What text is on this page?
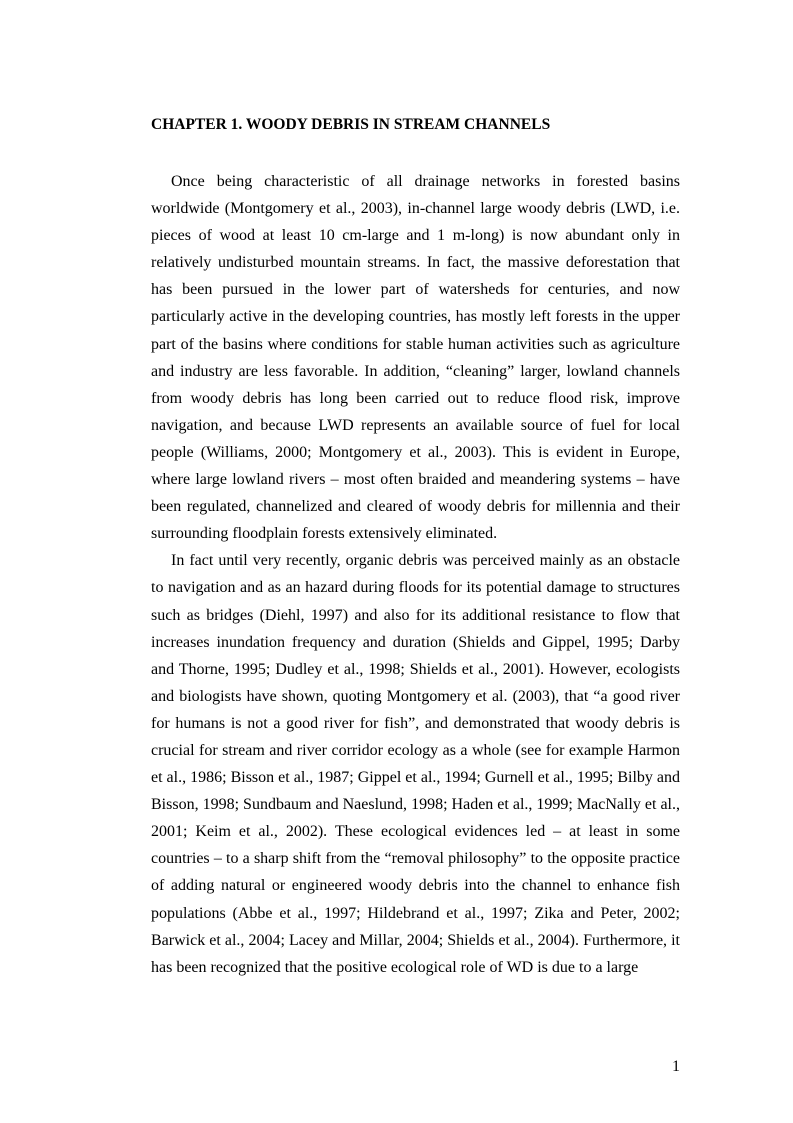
CHAPTER 1. WOODY DEBRIS IN STREAM CHANNELS

Once being characteristic of all drainage networks in forested basins worldwide (Montgomery et al., 2003), in-channel large woody debris (LWD, i.e. pieces of wood at least 10 cm-large and 1 m-long) is now abundant only in relatively undisturbed mountain streams. In fact, the massive deforestation that has been pursued in the lower part of watersheds for centuries, and now particularly active in the developing countries, has mostly left forests in the upper part of the basins where conditions for stable human activities such as agriculture and industry are less favorable. In addition, “cleaning” larger, lowland channels from woody debris has long been carried out to reduce flood risk, improve navigation, and because LWD represents an available source of fuel for local people (Williams, 2000; Montgomery et al., 2003). This is evident in Europe, where large lowland rivers – most often braided and meandering systems – have been regulated, channelized and cleared of woody debris for millennia and their surrounding floodplain forests extensively eliminated.

In fact until very recently, organic debris was perceived mainly as an obstacle to navigation and as an hazard during floods for its potential damage to structures such as bridges (Diehl, 1997) and also for its additional resistance to flow that increases inundation frequency and duration (Shields and Gippel, 1995; Darby and Thorne, 1995; Dudley et al., 1998; Shields et al., 2001). However, ecologists and biologists have shown, quoting Montgomery et al. (2003), that “a good river for humans is not a good river for fish”, and demonstrated that woody debris is crucial for stream and river corridor ecology as a whole (see for example Harmon et al., 1986; Bisson et al., 1987; Gippel et al., 1994; Gurnell et al., 1995; Bilby and Bisson, 1998; Sundbaum and Naeslund, 1998; Haden et al., 1999; MacNally et al., 2001; Keim et al., 2002). These ecological evidences led – at least in some countries – to a sharp shift from the “removal philosophy” to the opposite practice of adding natural or engineered woody debris into the channel to enhance fish populations (Abbe et al., 1997; Hildebrand et al., 1997; Zika and Peter, 2002; Barwick et al., 2004; Lacey and Millar, 2004; Shields et al., 2004). Furthermore, it has been recognized that the positive ecological role of WD is due to a large

1
